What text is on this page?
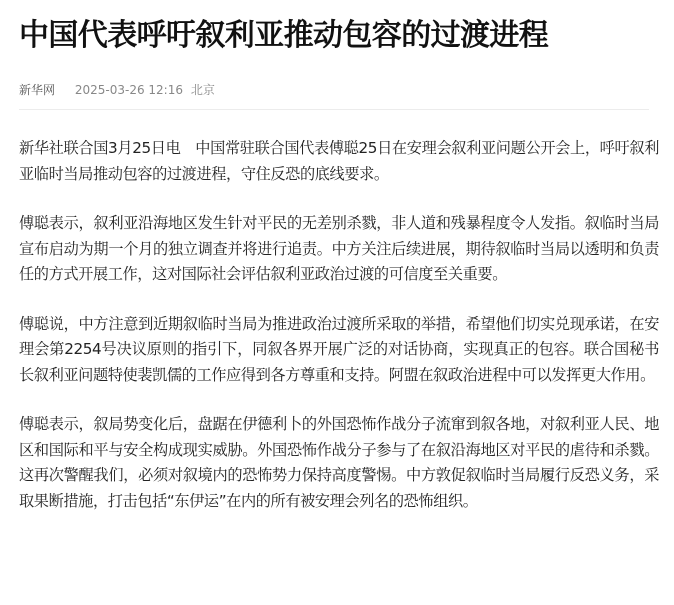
中国代表呼吁叙利亚推动包容的过渡进程
新华网 2025-03-26 12:16 北京

新华社联合国3月25日电　中国常驻联合国代表傅聪25日在安理会叙利亚问题公开会上，呼吁叙利亚临时当局推动包容的过渡进程，守住反恐的底线要求。

傅聪表示，叙利亚沿海地区发生针对平民的无差别杀戮，非人道和残暴程度令人发指。叙临时当局宣布启动为期一个月的独立调查并将进行追责。中方关注后续进展，期待叙临时当局以透明和负责任的方式开展工作，这对国际社会评估叙利亚政治过渡的可信度至关重要。

傅聪说，中方注意到近期叙临时当局为推进政治过渡所采取的举措，希望他们切实兑现承诺，在安理会第2254号决议原则的指引下，同叙各界开展广泛的对话协商，实现真正的包容。联合国秘书长叙利亚问题特使裴凯儒的工作应得到各方尊重和支持。阿盟在叙政治进程中可以发挥更大作用。

傅聪表示，叙局势变化后，盘踞在伊德利卜的外国恐怖作战分子流窜到叙各地，对叙利亚人民、地区和国际和平与安全构成现实威胁。外国恐怖作战分子参与了在叙沿海地区对平民的虐待和杀戮。这再次警醒我们，必须对叙境内的恐怖势力保持高度警惕。中方敦促叙临时当局履行反恐义务，采取果断措施，打击包括“东伊运”在内的所有被安理会列名的恐怖组织。
